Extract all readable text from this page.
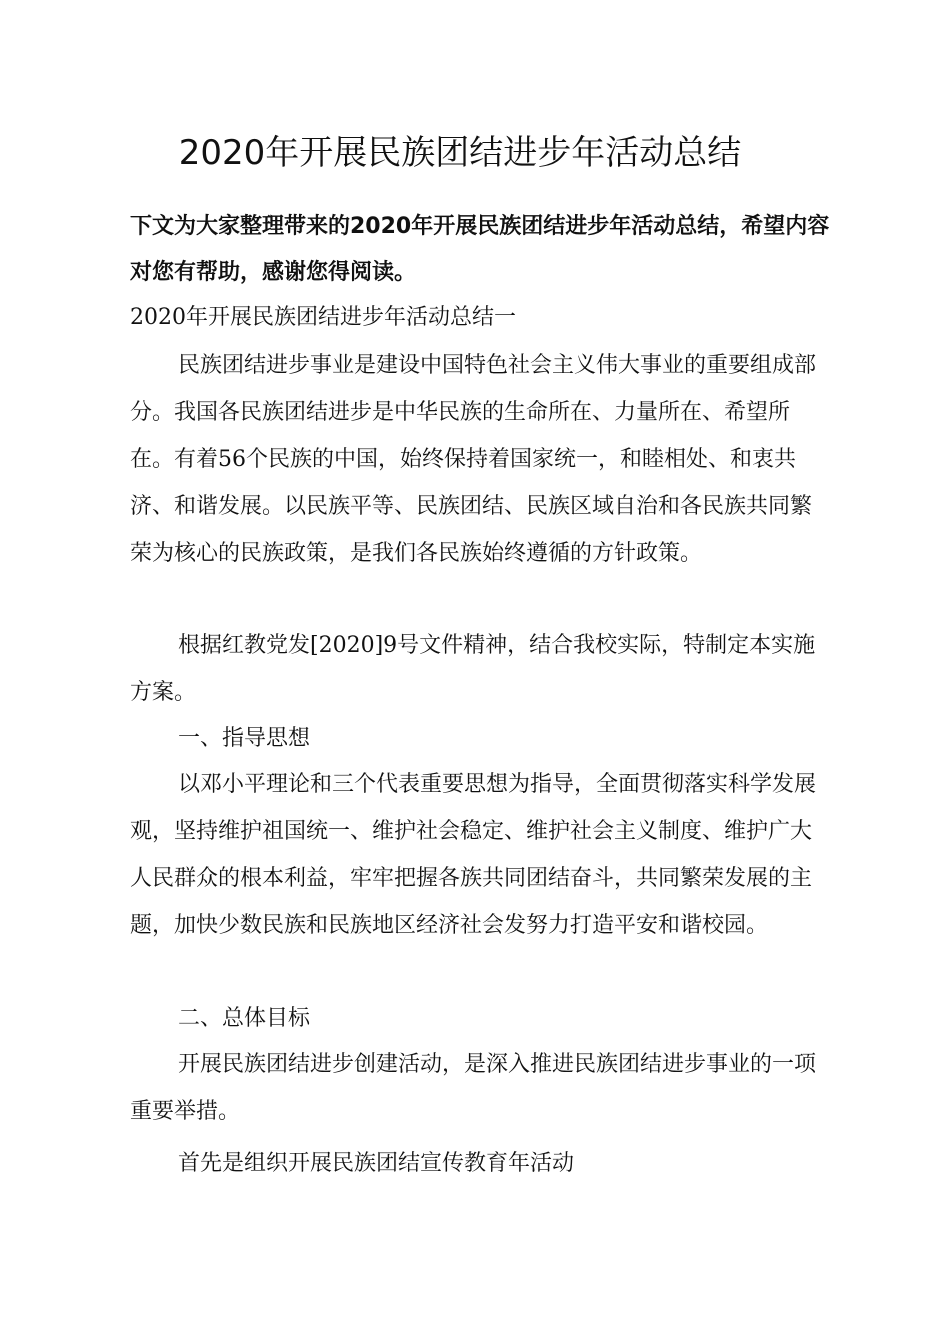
2020年开展民族团结进步年活动总结

下文为大家整理带来的2020年开展民族团结进步年活动总结，希望内容对您有帮助，感谢您得阅读。

2020年开展民族团结进步年活动总结一

民族团结进步事业是建设中国特色社会主义伟大事业的重要组成部分。我国各民族团结进步是中华民族的生命所在、力量所在、希望所在。有着56个民族的中国，始终保持着国家统一，和睦相处、和衷共济、和谐发展。以民族平等、民族团结、民族区域自治和各民族共同繁荣为核心的民族政策，是我们各民族始终遵循的方针政策。

根据红教党发[2020]9号文件精神，结合我校实际，特制定本实施方案。

一、指导思想

以邓小平理论和三个代表重要思想为指导，全面贯彻落实科学发展观，坚持维护祖国统一、维护社会稳定、维护社会主义制度、维护广大人民群众的根本利益，牢牢把握各族共同团结奋斗，共同繁荣发展的主题，加快少数民族和民族地区经济社会发努力打造平安和谐校园。

二、总体目标

开展民族团结进步创建活动，是深入推进民族团结进步事业的一项重要举措。

首先是组织开展民族团结宣传教育年活动
